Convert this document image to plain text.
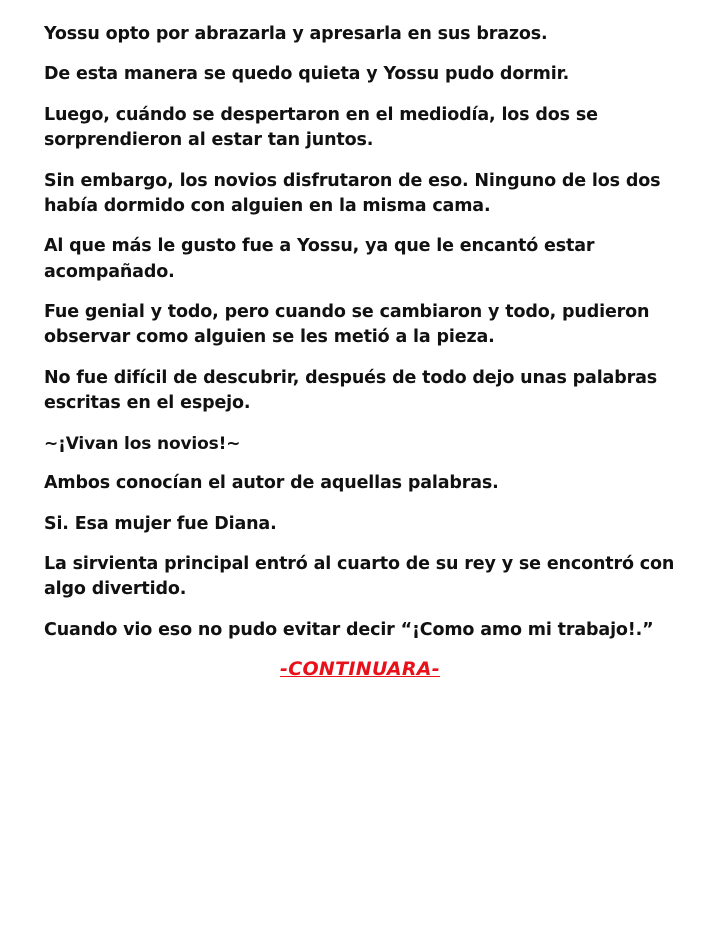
Yossu opto por abrazarla y apresarla en sus brazos.

De esta manera se quedo quieta y Yossu pudo dormir.

Luego, cuándo se despertaron en el mediodía, los dos se sorprendieron al estar tan juntos.

Sin embargo, los novios disfrutaron de eso. Ninguno de los dos había dormido con alguien en la misma cama.

Al que más le gusto fue a Yossu, ya que le encantó estar acompañado.

Fue genial y todo, pero cuando se cambiaron y todo, pudieron observar como alguien se les metió a la pieza.

No fue difícil de descubrir, después de todo dejo unas palabras escritas en el espejo.

~¡Vivan los novios!~

Ambos conocían el autor de aquellas palabras.

Si. Esa mujer fue Diana.

La sirvienta principal entró al cuarto de su rey y se encontró con algo divertido.

Cuando vio eso no pudo evitar decir “¡Como amo mi trabajo!.”

-CONTINUARA-
